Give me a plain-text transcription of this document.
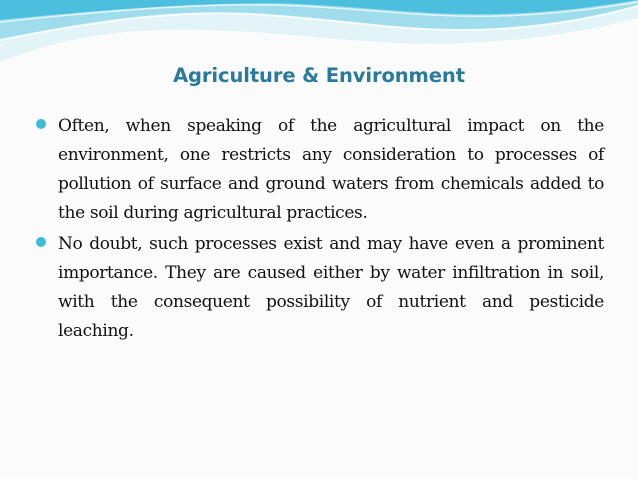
Agriculture & Environment
Often, when speaking of the agricultural impact on the environment, one restricts any consideration to processes of pollution of surface and ground waters from chemicals added to the soil during agricultural practices.
No doubt, such processes exist and may have even a prominent importance. They are caused either by water infiltration in soil, with the consequent possibility of nutrient and pesticide leaching.
